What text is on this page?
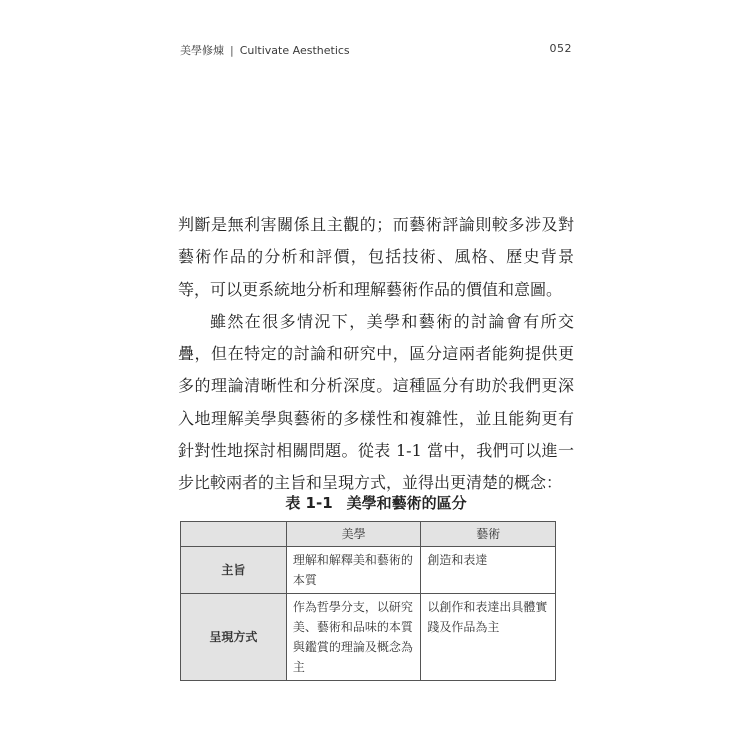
美學修煉 | Cultivate Aesthetics	052

判斷是無利害關係且主觀的；而藝術評論則較多涉及對藝術作品的分析和評價，包括技術、風格、歷史背景等，可以更系統地分析和理解藝術作品的價值和意圖。

雖然在很多情況下，美學和藝術的討論會有所交疊，但在特定的討論和研究中，區分這兩者能夠提供更多的理論清晰性和分析深度。這種區分有助於我們更深入地理解美學與藝術的多樣性和複雜性，並且能夠更有針對性地探討相關問題。從表 1-1 當中，我們可以進一步比較兩者的主旨和呈現方式，並得出更清楚的概念：

表 1-1 美學和藝術的區分
	美學	藝術
主旨	理解和解釋美和藝術的本質	創造和表達
呈現方式	作為哲學分支，以研究美、藝術和品味的本質與鑑賞的理論及概念為主	以創作和表達出具體實踐及作品為主
